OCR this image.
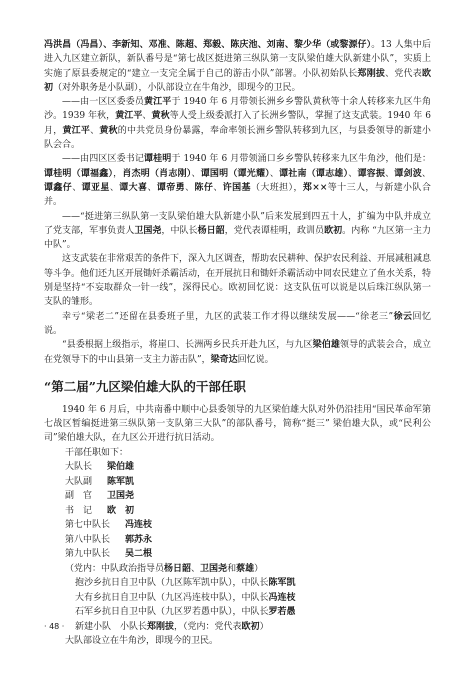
冯洪昌（冯昌）、李新知、邓准、陈超、郑毅、陈庆池、刘南、黎少华（或黎源仔）。13 人集中后进入九区建立新队，新队番号是“第七战区挺进第三纵队第一支队梁伯雄大队新建小队”，实质上实施了原县委规定的“建立一支完全属于自己的游击小队”部署。小队初始队长郑刚拔、党代表欧初（对外职务是小队副），小队部设立在牛角沙，即现今的卫民。

——由一区区委委员黄江平于 1940 年 6 月带领长洲乡乡警队黄秋等十余人转移来九区牛角沙。1939 年秋，黄江平、黄秋等人受上级委派打入了长洲乡警队，掌握了这支武装。1940 年 6 月，黄江平、黄秋的中共党员身份暴露，奉命率领长洲乡警队转移到九区，与县委领导的新建小队会合。

——由四区区委书记谭桂明于 1940 年 6 月带领涌口乡乡警队转移来九区牛角沙，他们是：谭桂明（谭福鑫），肖杰明（肖志刚）、谭国明（谭光耀）、谭社南（谭志雄）、谭容振、谭剑波、谭鑫仔、谭亚星、谭大喜、谭帝勇、陈仔、许国基（大班担），郑××等十三人，与新建小队合并。

——“挺进第三纵队第一支队梁伯雄大队新建小队”后来发展到四五十人，扩编为中队并成立了党支部，军事负责人卫国尧，中队长杨日韶，党代表谭桂明，政训员欧初。内称 “九区第一主力中队”。

这支武装在非常艰苦的条件下，深入九区调查，帮助农民耕种、保护农民利益、开展减租减息等斗争。他们还九区开展锄奸杀霸活动，在开展抗日和锄奸杀霸活动中同农民建立了鱼水关系，特别是坚持“不妄取群众一针一线”，深得民心。欧初回忆说：这支队伍可以说是以后珠江纵队第一支队的雏形。

幸亏“梁老二”还留在县委班子里，九区的武装工作才得以继续发展——“徐老三”徐云回忆说。

“县委根据上级指示，将崖口、长洲两乡民兵开赴九区，与九区梁伯雄领导的武装会合，成立在党领导下的中山县第一支主力游击队”，梁奇达回忆说。

“第二届”九区梁伯雄大队的干部任职

1940 年 6 月后，中共南番中顺中心县委领导的九区梁伯雄大队对外仍沿挂用“国民革命军第七战区暂编挺进第三纵队第一支队第三大队”的部队番号，简称“挺三” 梁伯雄大队，或“民利公司”梁伯雄大队，在九区公开进行抗日活动。

干部任职如下：
大队长 梁伯雄
大队副 陈军凯
副　官 卫国尧
书　记 欧　初
第七中队长 冯连枝
第八中队长 郭苏永
第九中队长 吴二根
（党内：中队政治指导员杨日韶、卫国尧和蔡雄）
抱沙乡抗日自卫中队（九区陈军凯中队），中队长陈军凯
大有乡抗日自卫中队（九区冯连枝中队），中队长冯连枝
石军乡抗日自卫中队（九区罗若愚中队），中队长罗若愚
新建小队　小队长郑刚拔，（党内：党代表欧初）
大队部设立在牛角沙，即现今的卫民。
· 48 ·
